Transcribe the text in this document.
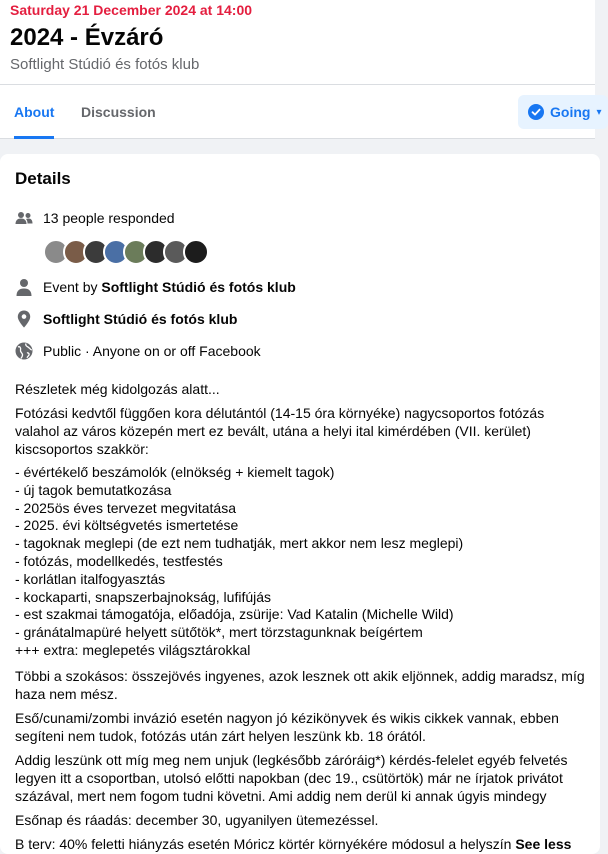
Saturday 21 December 2024 at 14:00
2024 - Évzáró
Softlight Stúdió és fotós klub
About Discussion	Going ▾
Details
13 people responded
Event by Softlight Stúdió és fotós klub
Softlight Stúdió és fotós klub
Public · Anyone on or off Facebook

Részletek még kidolgozás alatt...

Fotózási kedvtől függően kora délutántól (14-15 óra környéke) nagycsoportos fotózás valahol az város közepén mert ez bevált, utána a helyi ital kimérdében (VII. kerület) kiscsoportos szakkör:

- évértékelő beszámolók (elnökség + kiemelt tagok)
- új tagok bemutatkozása
- 2025ös éves tervezet megvitatása
- 2025. évi költségvetés ismertetése
- tagoknak meglepi (de ezt nem tudhatják, mert akkor nem lesz meglepi)
- fotózás, modellkedés, testfestés
- korlátlan italfogyasztás
- kockaparti, snapszerbajnokság, lufifújás
- est szakmai támogatója, előadója, zsürije: Vad Katalin (Michelle Wild)
- gránátalmapüré helyett sütőtök*, mert törzstagunknak beígértem
+++ extra: meglepetés világsztárokkal

Többi a szokásos: összejövés ingyenes, azok lesznek ott akik eljönnek, addig maradsz, míg haza nem mész.

Eső/cunami/zombi invázió esetén nagyon jó kézikönyvek és wikis cikkek vannak, ebben segíteni nem tudok, fotózás után zárt helyen leszünk kb. 18 órától.

Addig leszünk ott míg meg nem unjuk (legkésőbb záróráig*) kérdés-felelet egyéb felvetés legyen itt a csoportban, utolsó előtti napokban (dec 19., csütörtök) már ne írjatok privátot százával, mert nem fogom tudni követni. Ami addig nem derül ki annak úgyis mindegy

Esőnap és ráadás: december 30, ugyanilyen ütemezéssel.

B terv: 40% feletti hiányzás esetén Móricz körtér környékére módosul a helyszín See less
